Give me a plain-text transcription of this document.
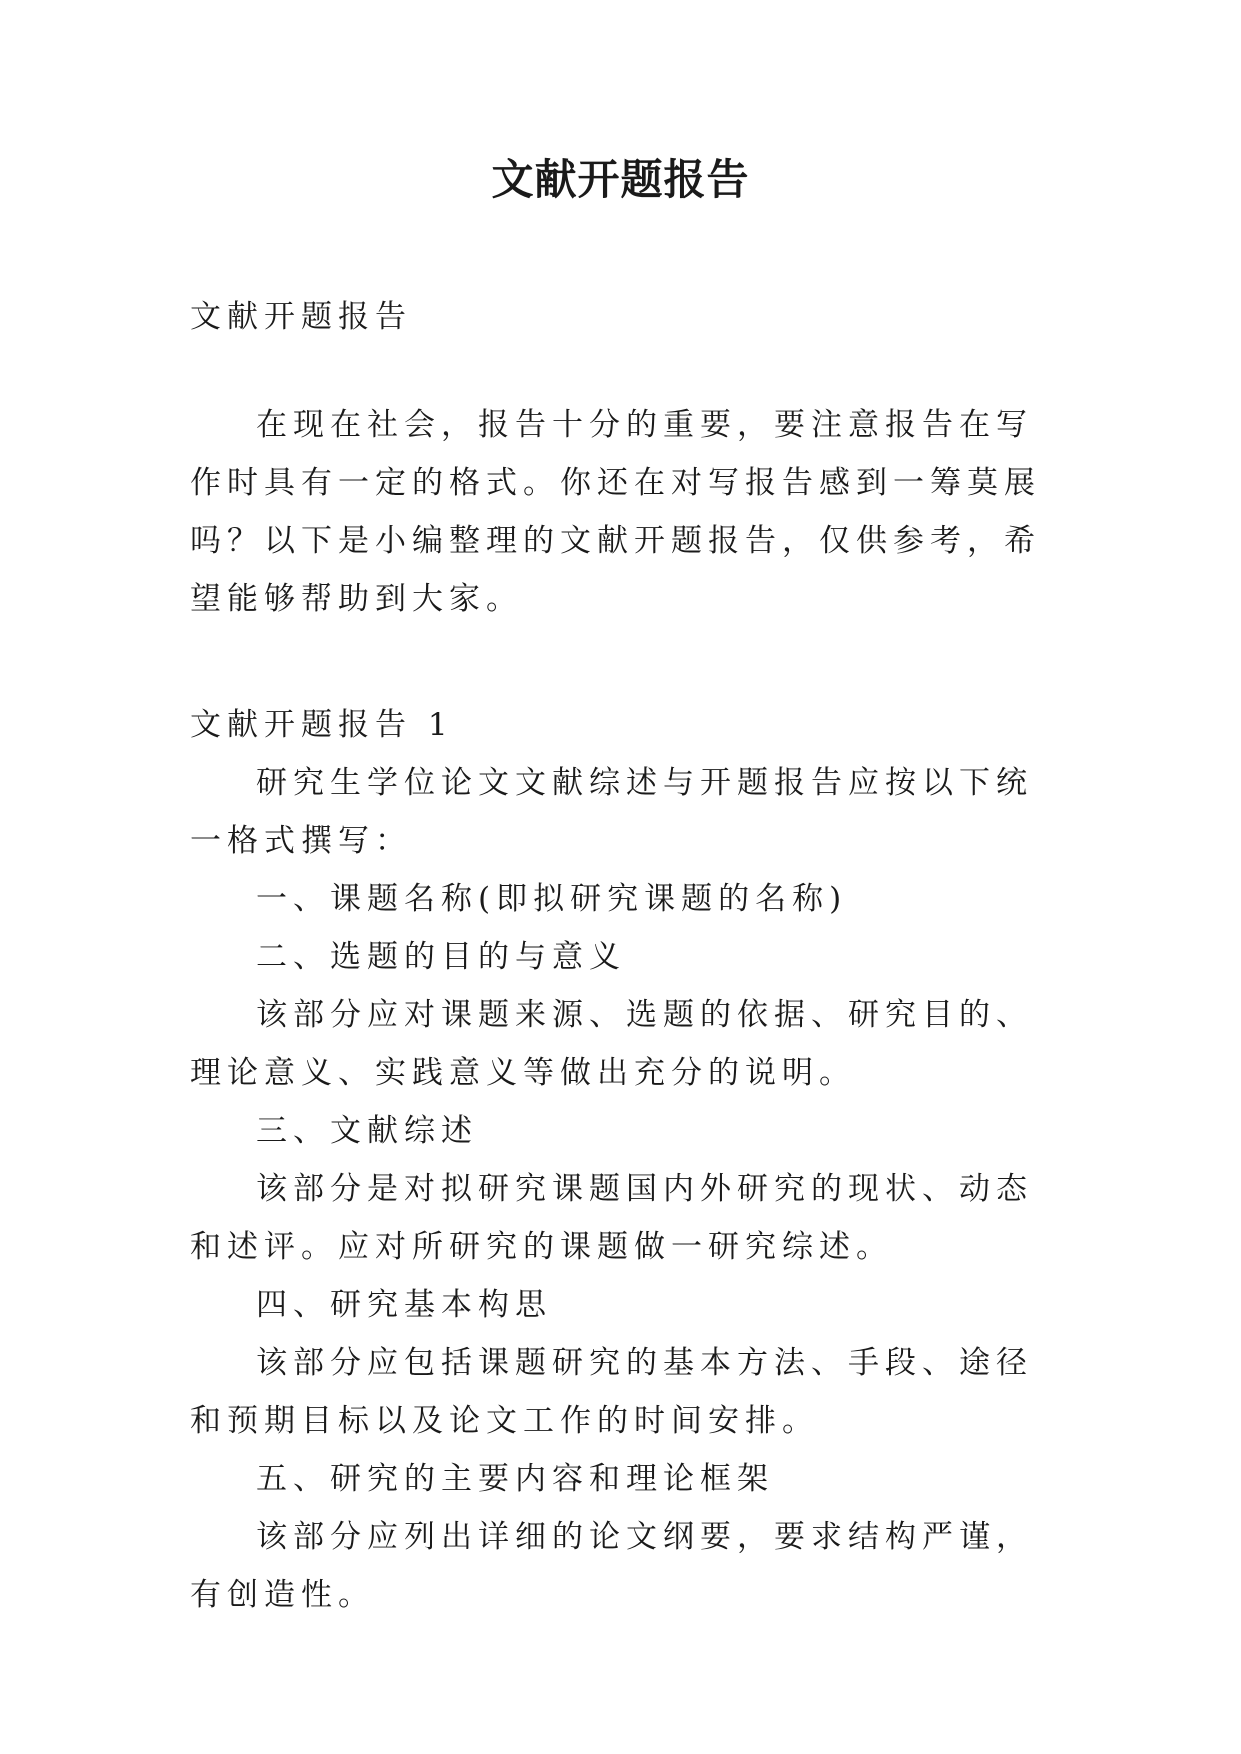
文献开题报告

文献开题报告

在现在社会，报告十分的重要，要注意报告在写作时具有一定的格式。你还在对写报告感到一筹莫展吗？以下是小编整理的文献开题报告，仅供参考，希望能够帮助到大家。

文献开题报告 1

研究生学位论文文献综述与开题报告应按以下统一格式撰写：

一、课题名称(即拟研究课题的名称)

二、选题的目的与意义

该部分应对课题来源、选题的依据、研究目的、理论意义、实践意义等做出充分的说明。

三、文献综述

该部分是对拟研究课题国内外研究的现状、动态和述评。应对所研究的课题做一研究综述。

四、研究基本构思

该部分应包括课题研究的基本方法、手段、途径和预期目标以及论文工作的时间安排。

五、研究的主要内容和理论框架

该部分应列出详细的论文纲要，要求结构严谨，有创造性。
